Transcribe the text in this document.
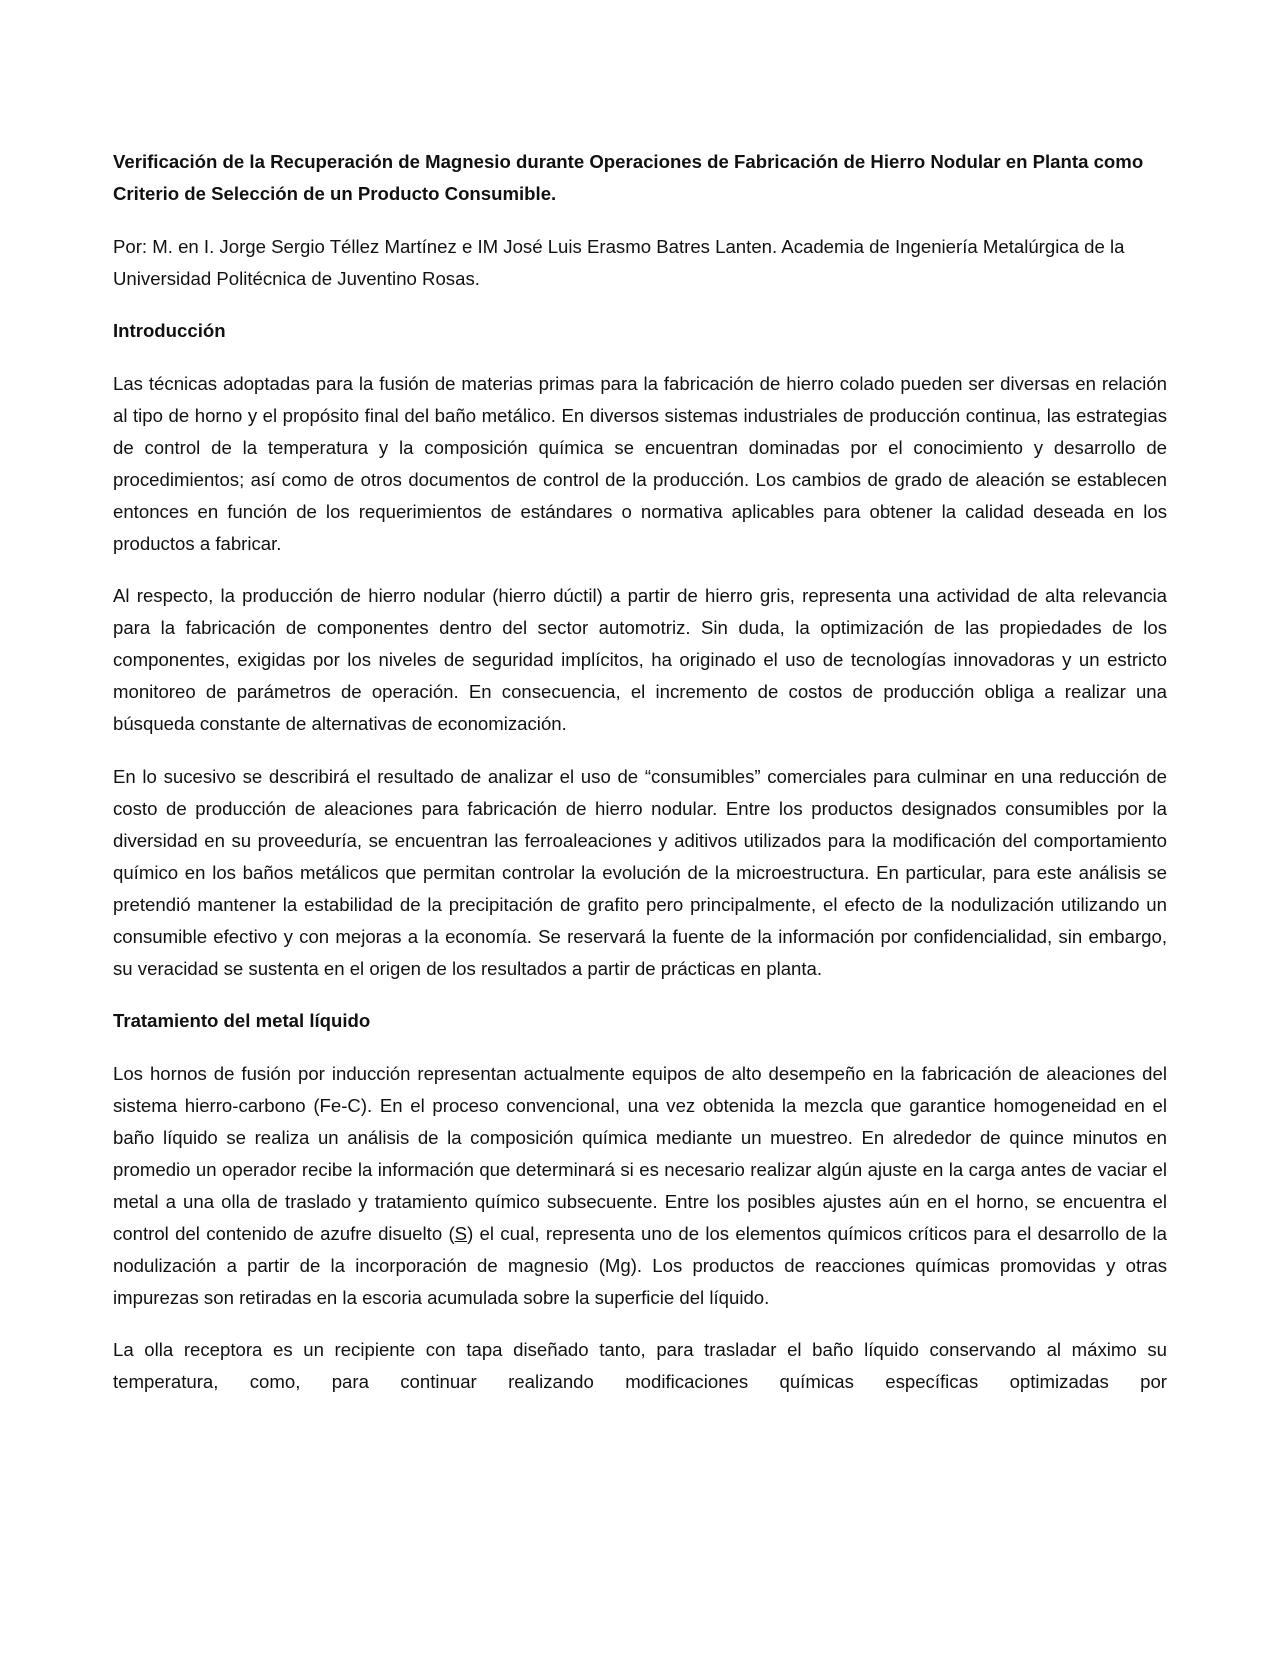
Verificación de la Recuperación de Magnesio durante Operaciones de Fabricación de Hierro Nodular en Planta como Criterio de Selección de un Producto Consumible.

Por: M. en I. Jorge Sergio Téllez Martínez e IM José Luis Erasmo Batres Lanten. Academia de Ingeniería Metalúrgica de la Universidad Politécnica de Juventino Rosas.

Introducción

Las técnicas adoptadas para la fusión de materias primas para la fabricación de hierro colado pueden ser diversas en relación al tipo de horno y el propósito final del baño metálico. En diversos sistemas industriales de producción continua, las estrategias de control de la temperatura y la composición química se encuentran dominadas por el conocimiento y desarrollo de procedimientos; así como de otros documentos de control de la producción. Los cambios de grado de aleación se establecen entonces en función de los requerimientos de estándares o normativa aplicables para obtener la calidad deseada en los productos a fabricar.

Al respecto, la producción de hierro nodular (hierro dúctil) a partir de hierro gris, representa una actividad de alta relevancia para la fabricación de componentes dentro del sector automotriz. Sin duda, la optimización de las propiedades de los componentes, exigidas por los niveles de seguridad implícitos, ha originado el uso de tecnologías innovadoras y un estricto monitoreo de parámetros de operación. En consecuencia, el incremento de costos de producción obliga a realizar una búsqueda constante de alternativas de economización.

En lo sucesivo se describirá el resultado de analizar el uso de “consumibles” comerciales para culminar en una reducción de costo de producción de aleaciones para fabricación de hierro nodular. Entre los productos designados consumibles por la diversidad en su proveeduría, se encuentran las ferroaleaciones y aditivos utilizados para la modificación del comportamiento químico en los baños metálicos que permitan controlar la evolución de la microestructura. En particular, para este análisis se pretendió mantener la estabilidad de la precipitación de grafito pero principalmente, el efecto de la nodulización utilizando un consumible efectivo y con mejoras a la economía. Se reservará la fuente de la información por confidencialidad, sin embargo, su veracidad se sustenta en el origen de los resultados a partir de prácticas en planta.

Tratamiento del metal líquido

Los hornos de fusión por inducción representan actualmente equipos de alto desempeño en la fabricación de aleaciones del sistema hierro-carbono (Fe-C). En el proceso convencional, una vez obtenida la mezcla que garantice homogeneidad en el baño líquido se realiza un análisis de la composición química mediante un muestreo. En alrededor de quince minutos en promedio un operador recibe la información que determinará si es necesario realizar algún ajuste en la carga antes de vaciar el metal a una olla de traslado y tratamiento químico subsecuente. Entre los posibles ajustes aún en el horno, se encuentra el control del contenido de azufre disuelto (S) el cual, representa uno de los elementos químicos críticos para el desarrollo de la nodulización a partir de la incorporación de magnesio (Mg). Los productos de reacciones químicas promovidas y otras impurezas son retiradas en la escoria acumulada sobre la superficie del líquido.

La olla receptora es un recipiente con tapa diseñado tanto, para trasladar el baño líquido conservando al máximo su temperatura, como, para continuar realizando modificaciones químicas específicas optimizadas por
